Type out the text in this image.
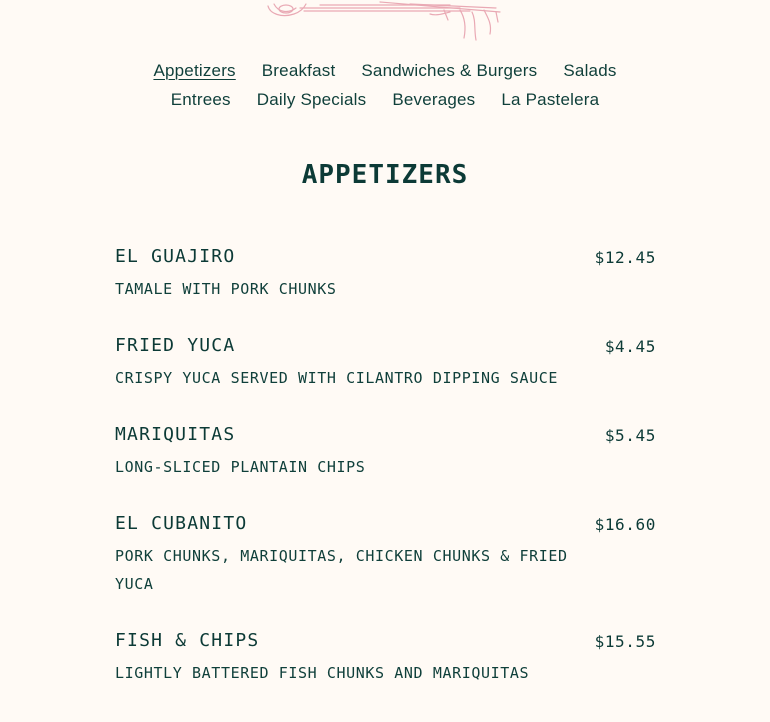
Appetizers Breakfast Sandwiches & Burgers Salads
Entrees Daily Specials Beverages La Pastelera
APPETIZERS
EL GUAJIRO	$12.45
TAMALE WITH PORK CHUNKS
FRIED YUCA	$4.45
CRISPY YUCA SERVED WITH CILANTRO DIPPING SAUCE
MARIQUITAS	$5.45
LONG-SLICED PLANTAIN CHIPS
EL CUBANITO	$16.60
PORK CHUNKS, MARIQUITAS, CHICKEN CHUNKS & FRIED YUCA
FISH & CHIPS	$15.55
LIGHTLY BATTERED FISH CHUNKS AND MARIQUITAS
